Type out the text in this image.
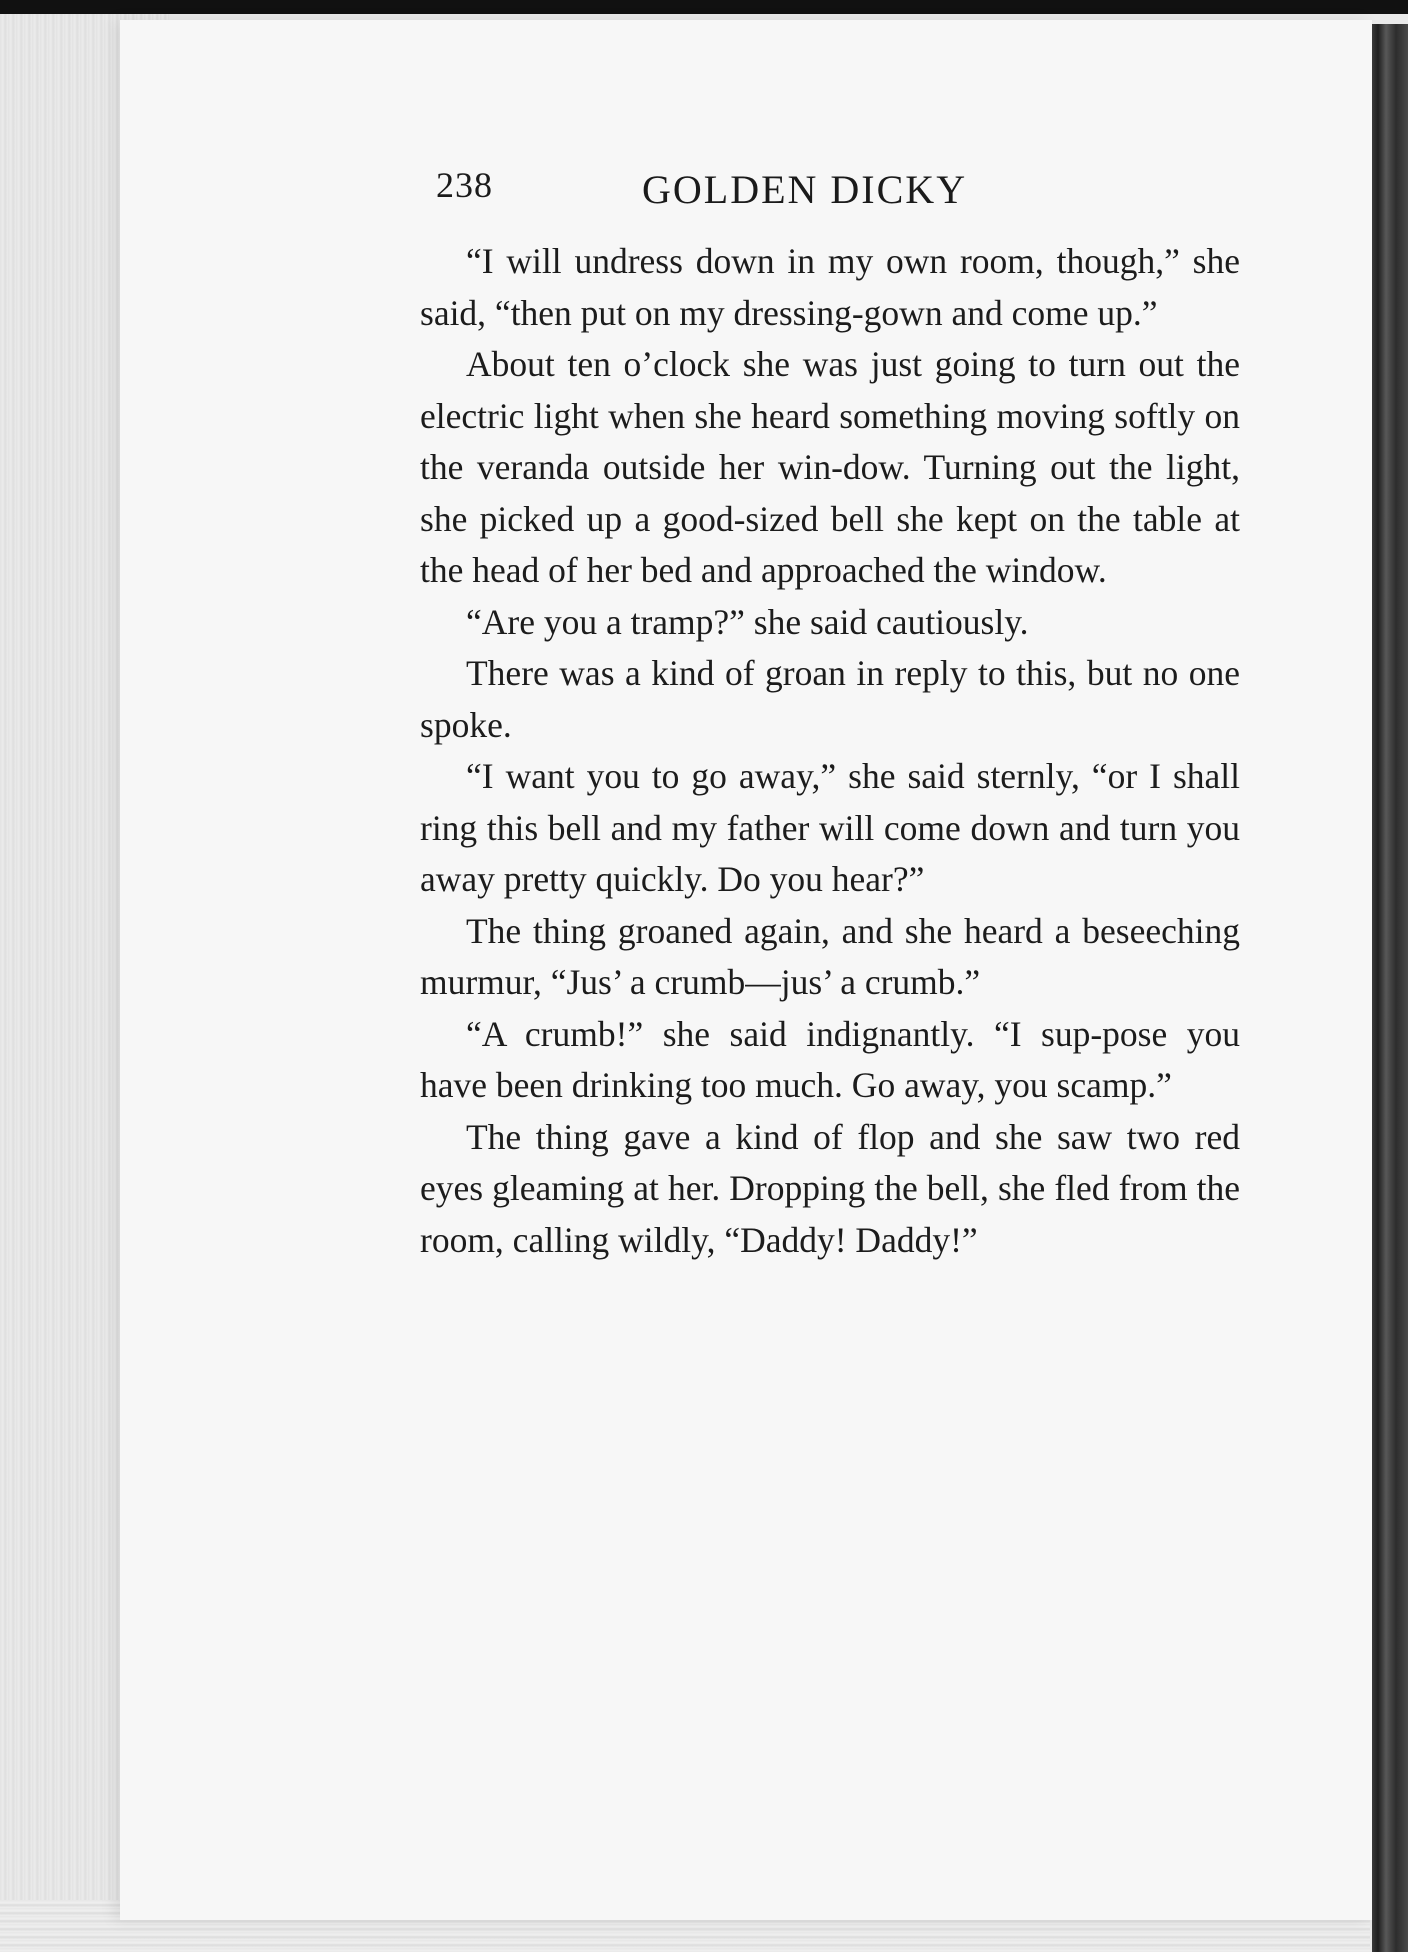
238	GOLDEN DICKY

“I will undress down in my own room, though,” she said, “then put on my dressing-gown and come up.”

About ten o’clock she was just going to turn out the electric light when she heard something moving softly on the veranda outside her win-dow. Turning out the light, she picked up a good-sized bell she kept on the table at the head of her bed and approached the window.

“Are you a tramp?” she said cautiously.

There was a kind of groan in reply to this, but no one spoke.

“I want you to go away,” she said sternly, “or I shall ring this bell and my father will come down and turn you away pretty quickly. Do you hear?”

The thing groaned again, and she heard a beseeching murmur, “Jus’ a crumb—jus’ a crumb.”

“A crumb!” she said indignantly. “I sup-pose you have been drinking too much. Go away, you scamp.”

The thing gave a kind of flop and she saw two red eyes gleaming at her. Dropping the bell, she fled from the room, calling wildly, “Daddy! Daddy!”
